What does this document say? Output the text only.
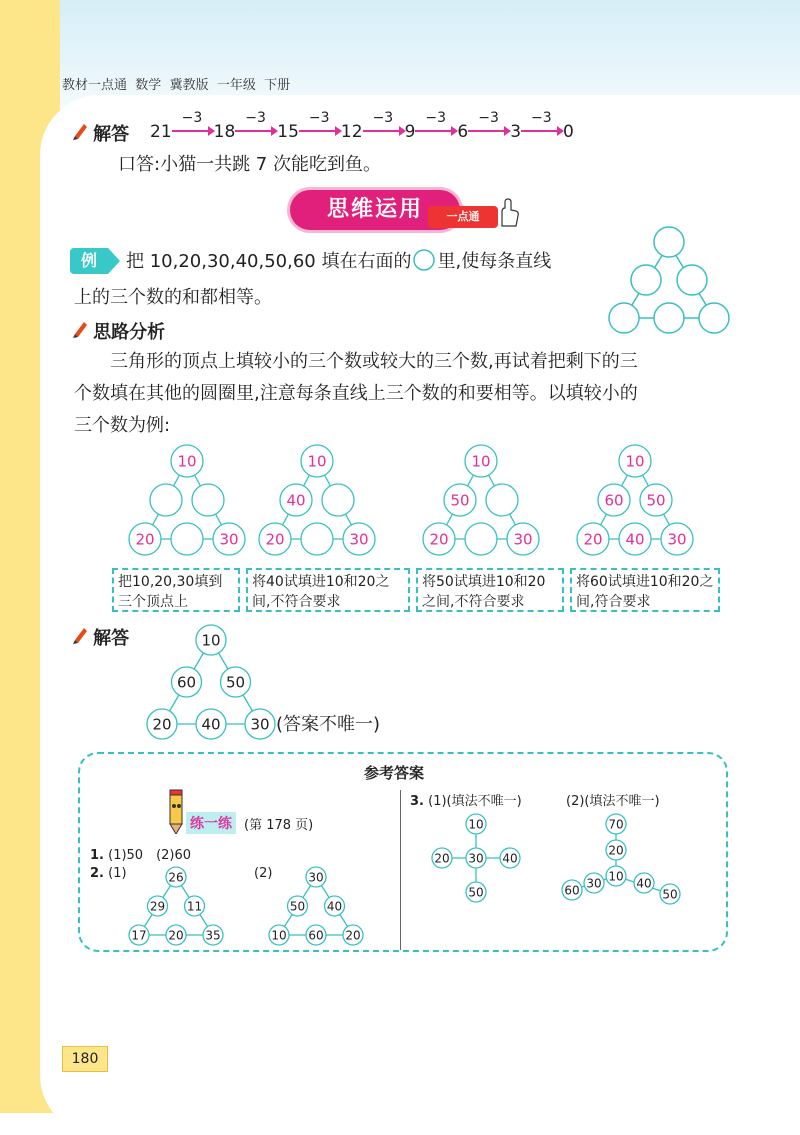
教材一点通 数学 冀教版 一年级 下册
解答 21
−3
18
−3
15
−3
12
−3
9
−3
6
−3
3
−3
0
口答:小猫一共跳 7 次能吃到鱼。
思维运用	一点通
例	把 10,20,30,40,50,60 填在右面的 里,使每条直线
上的三个数的和都相等。
思路分析
三角形的顶点上填较小的三个数或较大的三个数,再试着把剩下的三
个数填在其他的圆圈里,注意每条直线上三个数的和要相等。以填较小的
三个数为例:
10
20	30
10
40
20	30
10
50
20	30
10
60 50
20 40 30
把10,20,30填到三个顶点上
将40试填进10和20之间,不符合要求
将50试填进10和20之间,不符合要求
将60试填进10和20之间,符合要求
解答	10
60 50
20 40 30 (答案不唯一)
参考答案
练一练 (第 178 页)
1. (1)50　(2)60
2. (1)	(2)
26
29 11
17 20 35
30
50 40
10 60 20
3. (1)(填法不唯一)	(2)(填法不唯一)
10
20 30 40
50
70
20
10
30
60	40
50
180
